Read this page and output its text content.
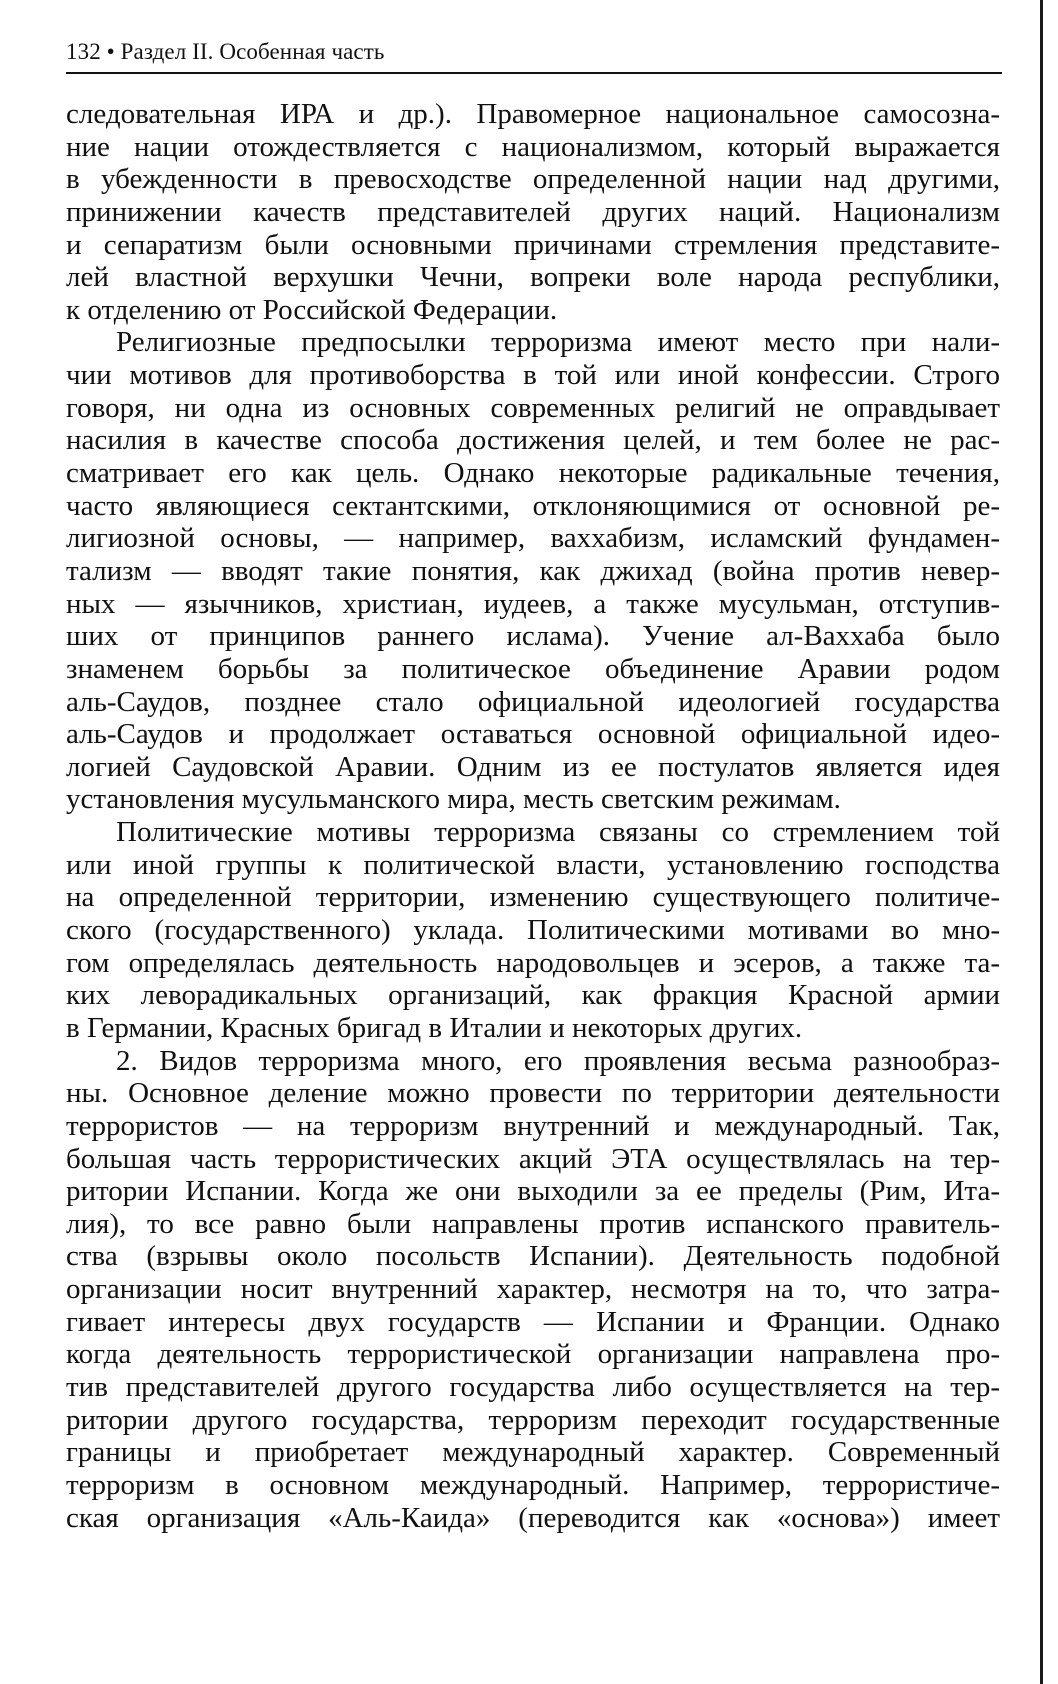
132 • Раздел II. Особенная часть
следовательная ИРА и др.). Правомерное национальное самосозна-
ние нации отождествляется с национализмом, который выражается
в убежденности в превосходстве определенной нации над другими,
принижении качеств представителей других наций. Национализм
и сепаратизм были основными причинами стремления представите-
лей властной верхушки Чечни, вопреки воле народа республики,
к отделению от Российской Федерации.
Религиозные предпосылки терроризма имеют место при нали-
чии мотивов для противоборства в той или иной конфессии. Строго
говоря, ни одна из основных современных религий не оправдывает
насилия в качестве способа достижения целей, и тем более не рас-
сматривает его как цель. Однако некоторые радикальные течения,
часто являющиеся сектантскими, отклоняющимися от основной ре-
лигиозной основы, — например, ваххабизм, исламский фундамен-
тализм — вводят такие понятия, как джихад (война против невер-
ных — язычников, христиан, иудеев, а также мусульман, отступив-
ших от принципов раннего ислама). Учение ал-Ваххаба было
знаменем борьбы за политическое объединение Аравии родом
аль-Саудов, позднее стало официальной идеологией государства
аль-Саудов и продолжает оставаться основной официальной идео-
логией Саудовской Аравии. Одним из ее постулатов является идея
установления мусульманского мира, месть светским режимам.
Политические мотивы терроризма связаны со стремлением той
или иной группы к политической власти, установлению господства
на определенной территории, изменению существующего политиче-
ского (государственного) уклада. Политическими мотивами во мно-
гом определялась деятельность народовольцев и эсеров, а также та-
ких леворадикальных организаций, как фракция Красной армии
в Германии, Красных бригад в Италии и некоторых других.
2. Видов терроризма много, его проявления весьма разнообраз-
ны. Основное деление можно провести по территории деятельности
террористов — на терроризм внутренний и международный. Так,
большая часть террористических акций ЭТА осуществлялась на тер-
ритории Испании. Когда же они выходили за ее пределы (Рим, Ита-
лия), то все равно были направлены против испанского правитель-
ства (взрывы около посольств Испании). Деятельность подобной
организации носит внутренний характер, несмотря на то, что затра-
гивает интересы двух государств — Испании и Франции. Однако
когда деятельность террористической организации направлена про-
тив представителей другого государства либо осуществляется на тер-
ритории другого государства, терроризм переходит государственные
границы и приобретает международный характер. Современный
терроризм в основном международный. Например, террористиче-
ская организация «Аль-Каида» (переводится как «основа») имеет
